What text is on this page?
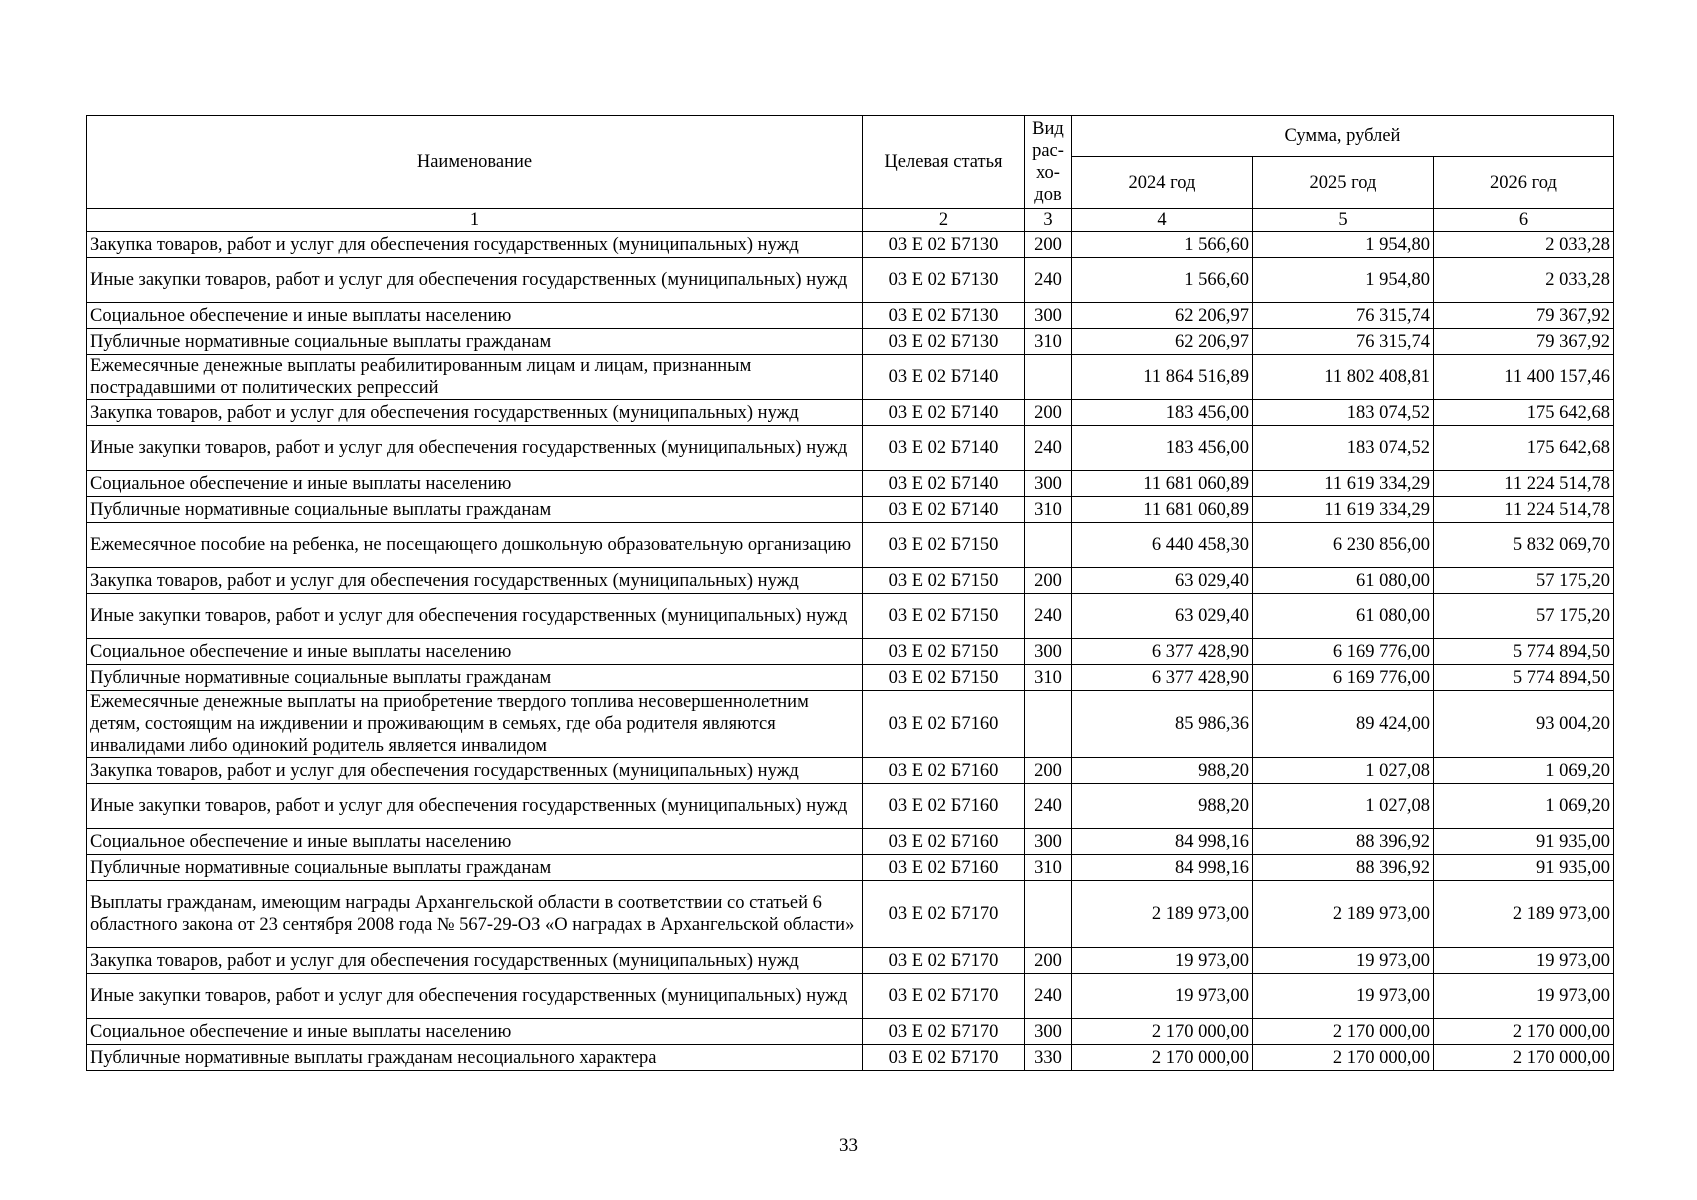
Наименование	Целевая статья	Вид рас-хо-дов	Сумма, рублей		
			2024 год	2025 год	2026 год
1	2	3	4	5	6
Закупка товаров, работ и услуг для обеспечения государственных (муниципальных) нужд	03 Е 02 Б7130	200	1 566,60	1 954,80	2 033,28
Иные закупки товаров, работ и услуг для обеспечения государственных (муниципальных) нужд	03 Е 02 Б7130	240	1 566,60	1 954,80	2 033,28
Социальное обеспечение и иные выплаты населению	03 Е 02 Б7130	300	62 206,97	76 315,74	79 367,92
Публичные нормативные социальные выплаты гражданам	03 Е 02 Б7130	310	62 206,97	76 315,74	79 367,92
Ежемесячные денежные выплаты реабилитированным лицам и лицам, признанным пострадавшими от политических репрессий	03 Е 02 Б7140		11 864 516,89	11 802 408,81	11 400 157,46
Закупка товаров, работ и услуг для обеспечения государственных (муниципальных) нужд	03 Е 02 Б7140	200	183 456,00	183 074,52	175 642,68
Иные закупки товаров, работ и услуг для обеспечения государственных (муниципальных) нужд	03 Е 02 Б7140	240	183 456,00	183 074,52	175 642,68
Социальное обеспечение и иные выплаты населению	03 Е 02 Б7140	300	11 681 060,89	11 619 334,29	11 224 514,78
Публичные нормативные социальные выплаты гражданам	03 Е 02 Б7140	310	11 681 060,89	11 619 334,29	11 224 514,78
Ежемесячное пособие на ребенка, не посещающего дошкольную образовательную организацию	03 Е 02 Б7150		6 440 458,30	6 230 856,00	5 832 069,70
Закупка товаров, работ и услуг для обеспечения государственных (муниципальных) нужд	03 Е 02 Б7150	200	63 029,40	61 080,00	57 175,20
Иные закупки товаров, работ и услуг для обеспечения государственных (муниципальных) нужд	03 Е 02 Б7150	240	63 029,40	61 080,00	57 175,20
Социальное обеспечение и иные выплаты населению	03 Е 02 Б7150	300	6 377 428,90	6 169 776,00	5 774 894,50
Публичные нормативные социальные выплаты гражданам	03 Е 02 Б7150	310	6 377 428,90	6 169 776,00	5 774 894,50
Ежемесячные денежные выплаты на приобретение твердого топлива несовершеннолетним детям, состоящим на иждивении и проживающим в семьях, где оба родителя являются инвалидами либо одинокий родитель является инвалидом	03 Е 02 Б7160		85 986,36	89 424,00	93 004,20
Закупка товаров, работ и услуг для обеспечения государственных (муниципальных) нужд	03 Е 02 Б7160	200	988,20	1 027,08	1 069,20
Иные закупки товаров, работ и услуг для обеспечения государственных (муниципальных) нужд	03 Е 02 Б7160	240	988,20	1 027,08	1 069,20
Социальное обеспечение и иные выплаты населению	03 Е 02 Б7160	300	84 998,16	88 396,92	91 935,00
Публичные нормативные социальные выплаты гражданам	03 Е 02 Б7160	310	84 998,16	88 396,92	91 935,00
Выплаты гражданам, имеющим награды Архангельской области в соответствии со статьей 6 областного закона от 23 сентября 2008 года № 567-29-ОЗ «О наградах в Архангельской области»	03 Е 02 Б7170		2 189 973,00	2 189 973,00	2 189 973,00
Закупка товаров, работ и услуг для обеспечения государственных (муниципальных) нужд	03 Е 02 Б7170	200	19 973,00	19 973,00	19 973,00
Иные закупки товаров, работ и услуг для обеспечения государственных (муниципальных) нужд	03 Е 02 Б7170	240	19 973,00	19 973,00	19 973,00
Социальное обеспечение и иные выплаты населению	03 Е 02 Б7170	300	2 170 000,00	2 170 000,00	2 170 000,00
Публичные нормативные выплаты гражданам несоциального характера	03 Е 02 Б7170	330	2 170 000,00	2 170 000,00	2 170 000,00
33
